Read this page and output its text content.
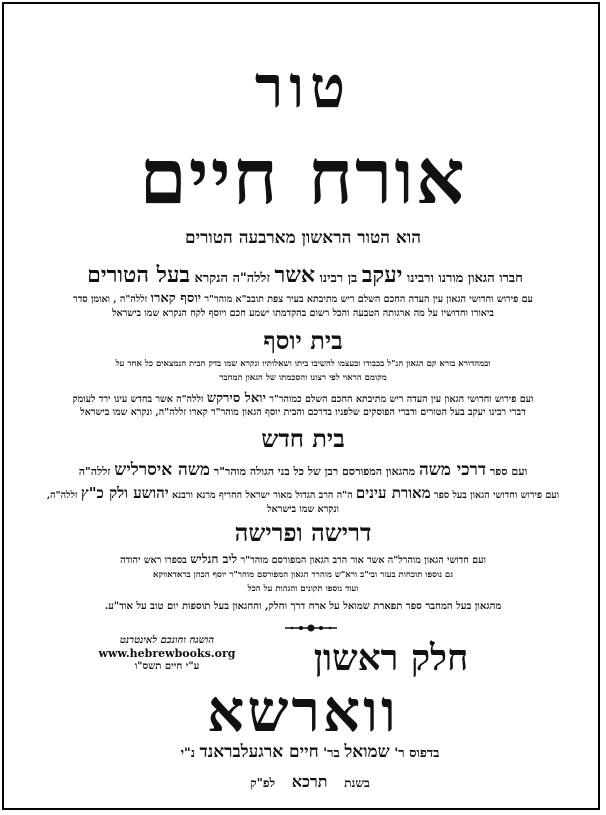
טור
אורח חיים
הוא הטור הראשון מארבעה הטורים
חברו הגאון מורנו ורבינו יעקב בן רבינו אשר זללה"ה הנקרא בעל הטורים
עם פירוש וחדושי הגאון עין העדה החכם השלם ריש מתיבתא בעיר צפת תובב"א מוהר"ר יוסף קארו זללה"ה , ואומן סדר
ביאורו וחדושיו על מה ארגותה הטבעה והכל רשום בהקדמתו ישמע חכם ויוסף לקח הנקרא שמו בישראל
בית יוסף
ובמהדורא בורא קם הגאון הנ"ל בכבודו ובעצמו להשיבו ביתו ושאלותיו ונקרא שמו בדק הבית הנמצאים כל אחד על
מקומם הראוי לפי רצונו והסכמתו של הגאון המחבר
ועם פירוש וחדושי הגאון עין העדה ריש מתיבתא החכם השלם כמוהר"ר יואל סירקש זללה"ה אשר בחדש עינו ירד לעומק
דברי רבינו יעקב בעל הטורים ודברי הפוסקים שלפניו בדרכם והבית יוסף הגאון מוהר"ר קארו זללה"ה, ונקרא שמו בישראל
בית חדש
ועם ספר דרכי משה מהגאון המפורסם רבן של כל בני הגולה מוהר"ר משה איסרליש זללה"ה
ועם פירוש וחדושי הגאון בעל ספר מאורת עינים ה"ה הרב הגדול מאור ישראל החריף מרנא ורבנא יהושע ולק כ"ץ זללה"ה,
ונקרא שמו בישראל
דרישה ופרישה
ועם חדושי הגאון מוהרל"ה אשר אור הרב הגאון המפורסם מוהר"ר ליב חנליש בספרו ראש יהודה
גם נוספו תוכחות בעזר ובי"ב ורא"ש מוהרר הגאון המפורסם מוהר"ר יוסף הכהן בראדאווקא
ועוד נוספו תקונים והגהות על הכל
מהגאון בעל המחבר ספר תפארת שמואל על ארח דרך וחלק, והחגאון בעל תוספות יום טוב על אוד"ע.
הושגח וחונכם לאינטרנט
www.hebrewbooks.org
ע"י חיים תשס"ו	חלק ראשון
ווארשא
בדפוס ר' שמואל בר' חיים ארגעלבראנד נ"י
בשנת    תרכא    לפ"ק
